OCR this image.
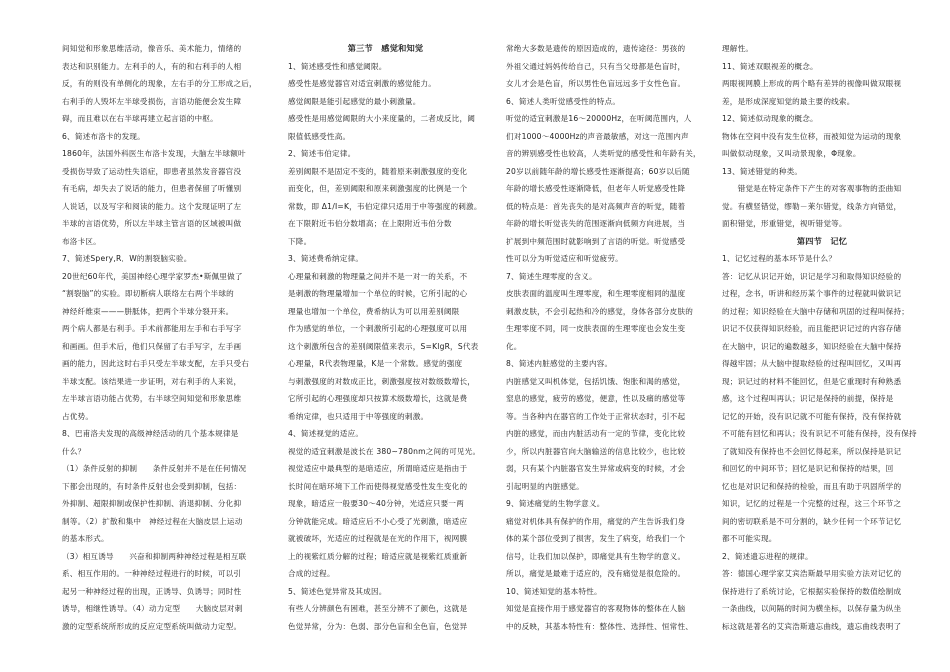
间知觉和形象思维活动，像音乐、美术能力，情绪的

表达和识别能力。左利手的人，有的和右利手的人相

反，有的则没有单侧化的现象，左右手的分工形成之后，

右利手的人毁坏左半球受损伤，言语功能便会发生障

碍，而且难以在右半球再建立起言语的中枢。

6、简述布洛卡的发现。

1860年，法国外科医生布洛卡发现，大脑左半球额叶

受损伤导致了运动性失语症，即患者虽然发音器官没

有毛病，却失去了说话的能力，但患者保留了听懂别

人说话，以及写字和阅读的能力。这个发现证明了左

半球的言语优势，所以左半球主管言语的区域被叫做

布洛卡区。

7、简述Spery,R．W的割裂脑实验。

20世纪60年代，美国神经心理学家罗杰•斯佩里做了

“割裂脑”的实验。即切断病人联络左右两个半球的

神经纤维束———胼胝体，把两个半球分裂开来。

两个病人都是右利手。手术前都能用左手和右手写字

和画画。但手术后，他们只保留了右手写字，左手画

画的能力，因此这时右手只受左半球支配，左手只受右

半球支配。该结果进一步证明，对右利手的人来说，

左半球言语功能占优势，右半球空间知觉和形象思维

占优势。

8、巴甫洛夫发现的高级神经活动的几个基本规律是

什么？

（1）条件反射的抑制　　条件反射并不是在任何情况

下都会出现的，有时条件反射也会受到抑制，包括：

外抑制、超限抑制或保护性抑制、消退抑制、分化抑

制等。（2）扩散和集中　神经过程在大脑皮层上运动

的基本形式。

（3）相互诱导　　兴奋和抑制两种神经过程是相互联

系、相互作用的。一种神经过程进行的时候，可以引

起另一种神经过程的出现，正诱导、负诱导；同时性

诱导，相继性诱导。（4）动力定型　　大脑皮层对刺

激的定型系统所形成的反应定型系统叫做动力定型。

第三节　感觉和知觉

1、简述感受性和感觉阈限。

感受性是感觉器官对适宜刺激的感觉能力。

感觉阈限是能引起感觉的最小刺激量。

感受性是用感觉阈限的大小来度量的，二者成反比，阈

限值低感受性高。

2、简述韦伯定律。

差别阈限不是固定不变的，随着原来刺激强度的变化

而变化，但，差别阈限和原来刺激强度的比例是一个

常数，即 Δ1/I=K，韦伯定律只适用于中等强度的刺激。

在下限附近韦伯分数增高；在上限附近韦伯分数

下降。

3、简述费希纳定律。

心理量和刺激的物理量之间并不是一对一的关系，不

是刺激的物理量增加一个单位的时候，它所引起的心

理量也增加一个单位，费希纳认为可以用差别阈限

作为感觉的单位，一个刺激所引起的心理强度可以用

这个刺激所包含的差别阈限值来表示，S=KlgR，S代表

心理量，R代表物理量，K是一个常数。感觉的强度

与刺激强度的对数成正比，刺激强度按对数级数增长，

它所引起的心理强度却只按算术级数增长，这就是费

希纳定律，也只适用于中等强度的刺激。

4、简述视觉的适应。

视觉的适宜刺激是波长在 380~780nm之间的可见光。

视觉适应中最典型的是暗适应，所谓暗适应是指由于

长时间在暗环境下工作而使得视觉感受性发生变化的

现象，暗适应一般要30～40分钟，光适应只要一两

分钟就能完成。暗适应后不小心受了光刺激，暗适应

就被破坏，光适应的过程就是在光的作用下，视网膜

上的视紫红质分解的过程；暗适应就是视紫红质重新

合成的过程。

5、简述色觉异常及其成因。

有些人分辨颜色有困难，甚至分辨不了颜色，这就是

色觉异常，分为：色弱、部分色盲和全色盲，色觉异

常绝大多数是遗传的原因造成的，遗传途径：男孩的

外祖父通过妈妈传给自己，只有当父母都是色盲时，

女儿才会是色盲，所以男性色盲远远多于女性色盲。

6、简述人类听觉感受性的特点。

听觉的适宜刺激是16～20000Hz，在听阈范围内，人

们对1000～4000Hz的声音最敏感，对这一范围内声

音的辨别感受性也较高，人类听觉的感受性和年龄有关，

20岁以前随年龄的增长感受性逐渐提高；60岁以后随

年龄的增长感受性逐渐降低，但老年人听觉感受性降

低的特点是：首先丧失的是对高频声音的听觉，随着

年龄的增长听觉丧失的范围逐渐向低频方向进展，当

扩展到中频范围时就影响到了言语的听觉。听觉感受

性可以分为听觉适应和听觉疲劳。

7、简述生理零度的含义。

皮肤表面的温度叫生理零度，和生理零度相同的温度

刺激皮肤，不会引起热和冷的感觉，身体各部分皮肤的

生理零度不同，同一皮肤表面的生理零度也会发生变

化。

8、简述内脏感觉的主要内容。

内脏感觉又叫机体觉，包括饥饿、饱胀和渴的感觉，

窒息的感觉，疲劳的感觉，便意，性以及痛的感觉等

等。当各种内在器官的工作处于正常状态时，引不起

内脏的感觉，而由内脏活动有一定的节律，变化比较

少，所以内脏器官向大脑输送的信息比较少，也比较

弱，只有某个内脏器官发生异常或病变的时候，才会

引起明显的内脏感觉。

9、简述痛觉的生物学意义。

痛觉对机体具有保护的作用，痛觉的产生告诉我们身

体的某个部位受到了损害，发生了病变，给我们一个

信号，让我们加以保护，即痛觉具有生物学的意义。

所以，痛觉是最难于适应的，没有痛觉是很危险的。

10、简述知觉的基本特性。

知觉是直接作用于感觉器官的客观物体的整体在人脑

中的反映，其基本特性有：整体性、选择性、恒常性、

理解性。

11、简述双眼视差的概念。

两眼视网膜上形成的两个略有差异的视像叫做双眼视

差，是形成深度知觉的最主要的线索。

12、简述似动现象的概念。

物体在空间中没有发生位移，而被知觉为运动的现象

叫做似动现象，又叫动景现象，Φ现象。

13、简述错觉的种类。

　　错觉是在特定条件下产生的对客观事物的歪曲知

觉。有横竖错觉，缪勒－莱尔错觉，线条方向错觉，

面积错觉，形重错觉，视听错觉等。

第四节　记忆

1、记忆过程的基本环节是什么？

答：记忆从识记开始，识记是学习和取得知识经验的

过程，念书，听讲和经历某个事件的过程就叫做识记

的过程；知识经验在大脑中存储和巩固的过程叫保持；

识记不仅获得知识经验，而且能把识记过的内容存储

在大脑中，识记的遍数越多，知识经验在大脑中保持

得越牢固；从大脑中提取经验的过程叫回忆，又叫再

现；识记过的材料不能回忆，但是它重现时有种熟悉

感，这个过程叫再认；识记是保持的前提，保持是

记忆的开始，没有识记就不可能有保持，没有保持就

不可能有回忆和再认；没有识记不可能有保持，没有保持

了就知没有保持也不会回忆得起来，所以保持是识记

和回忆的中间环节；回忆是识记和保持的结果，回

忆也是对识记和保持的检验，而且有助于巩固所学的

知识，记忆的过程是一个完整的过程，这三个环节之

间的密切联系是不可分割的，缺少任何一个环节记忆

都不可能实现。

2、简述遗忘进程的规律。

答：德国心理学家艾宾浩斯最早用实验方法对记忆的

保持进行了系统讨论，它根据实验保持的数值绘制成

一条曲线，以间隔的时间为横坐标，以保存量为纵坐

标这就是著名的艾宾浩斯遗忘曲线，遗忘曲线表明了
